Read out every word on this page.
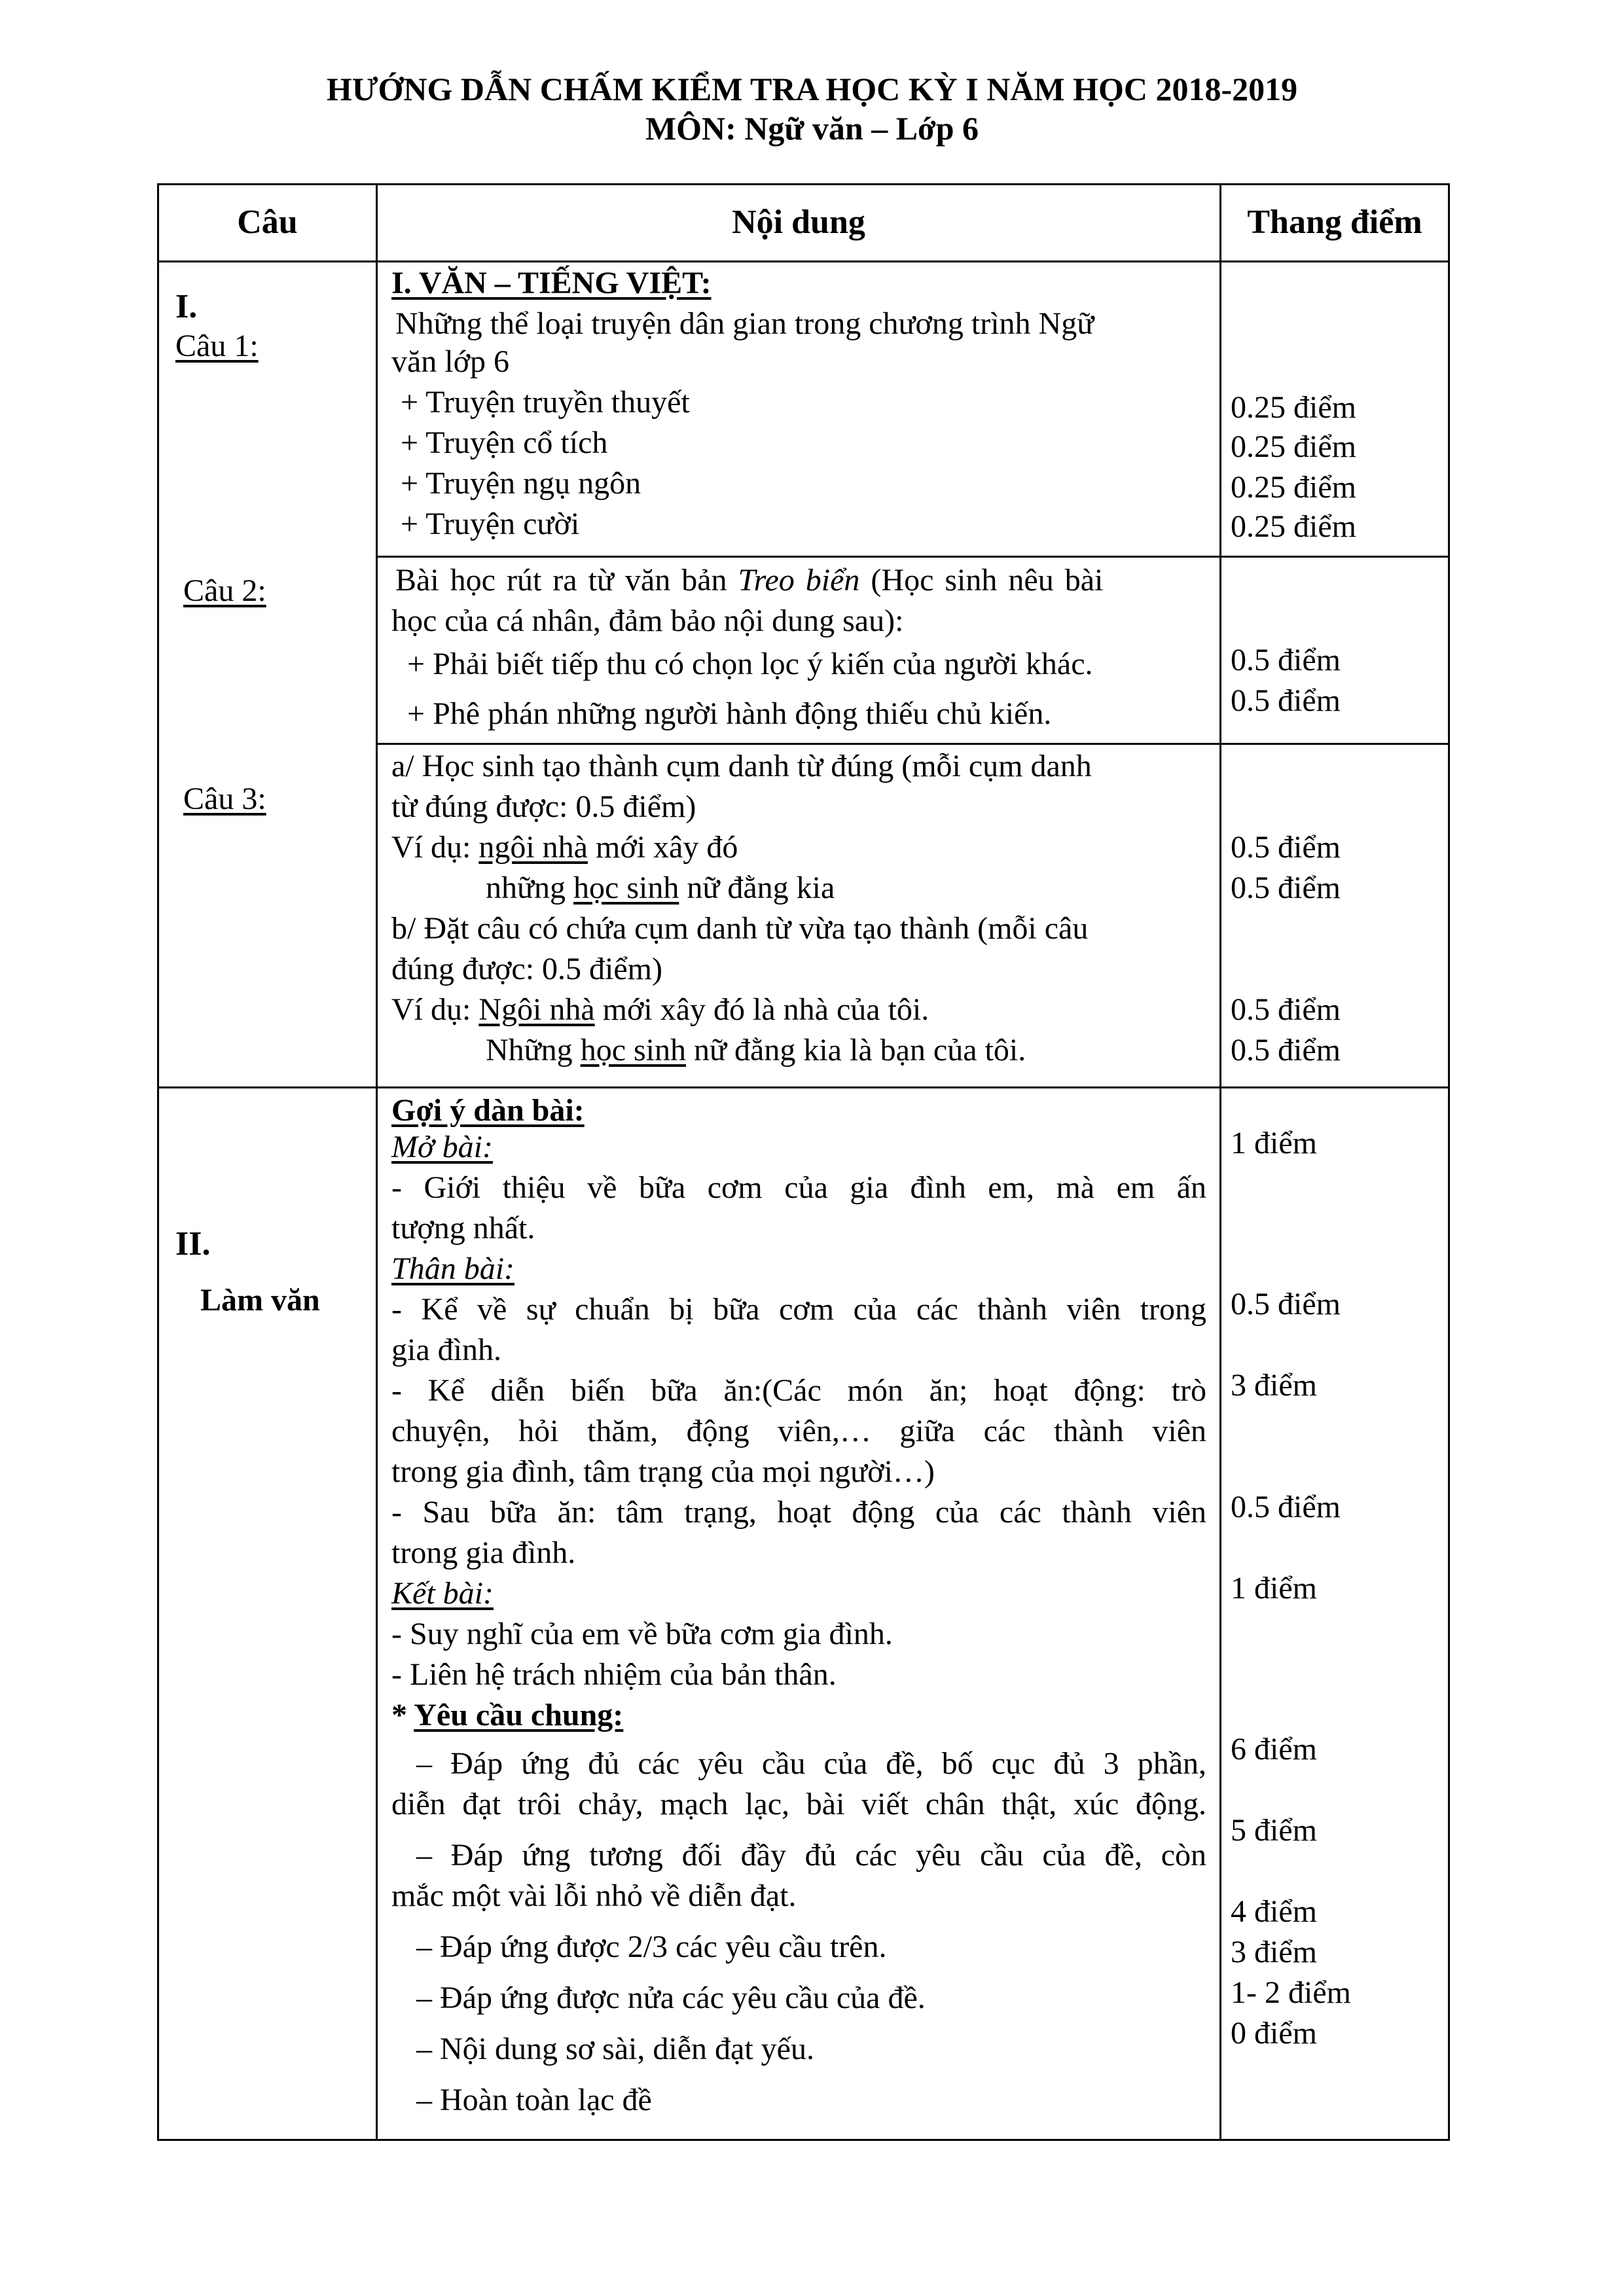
HƯỚNG DẪN CHẤM KIỂM TRA HỌC KỲ I NĂM HỌC 2018-2019
MÔN: Ngữ văn – Lớp 6
Câu	Nội dung	Thang điểm
I.
Câu 1:
Câu 2:
Câu 3:
I. VĂN – TIẾNG VIỆT:
Những thể loại truyện dân gian trong chương trình Ngữ
văn lớp 6
+ Truyện truyền thuyết
+ Truyện cổ tích
+ Truyện ngụ ngôn
+ Truyện cười
0.25 điểm
0.25 điểm
0.25 điểm
0.25 điểm
Bài học rút ra từ văn bản Treo biển (Học sinh nêu bài
học của cá nhân, đảm bảo nội dung sau):
+ Phải biết tiếp thu có chọn lọc ý kiến của người khác.
+ Phê phán những người hành động thiếu chủ kiến.
0.5 điểm
0.5 điểm
a/ Học sinh tạo thành cụm danh từ đúng (mỗi cụm danh
từ đúng được: 0.5 điểm)
Ví dụ: ngôi nhà mới xây đó
những học sinh nữ đằng kia
b/ Đặt câu có chứa cụm danh từ vừa tạo thành (mỗi câu
đúng được: 0.5 điểm)
Ví dụ: Ngôi nhà mới xây đó là nhà của tôi.
Những học sinh nữ đằng kia là bạn của tôi.
0.5 điểm
0.5 điểm
0.5 điểm
0.5 điểm
II.
Làm văn
Gợi ý dàn bài:
Mở bài:
- Giới thiệu về bữa cơm của gia đình em, mà em ấn
tượng nhất.
Thân bài:
- Kể về sự chuẩn bị bữa cơm của các thành viên trong
gia đình.
- Kể diễn biến bữa ăn:(Các món ăn; hoạt động: trò
chuyện, hỏi thăm, động viên,… giữa các thành viên
trong gia đình, tâm trạng của mọi người…)
- Sau bữa ăn: tâm trạng, hoạt động của các thành viên
trong gia đình.
Kết bài:
- Suy nghĩ của em về bữa cơm gia đình.
- Liên hệ trách nhiệm của bản thân.
* Yêu cầu chung:
– Đáp ứng đủ các yêu cầu của đề, bố cục đủ 3 phần,
diễn đạt trôi chảy, mạch lạc, bài viết chân thật, xúc động.
– Đáp ứng tương đối đầy đủ các yêu cầu của đề, còn
mắc một vài lỗi nhỏ về diễn đạt.
– Đáp ứng được 2/3 các yêu cầu trên.
– Đáp ứng được nửa các yêu cầu của đề.
– Nội dung sơ sài, diễn đạt yếu.
– Hoàn toàn lạc đề
1 điểm
0.5 điểm
3 điểm
0.5 điểm
1 điểm
6 điểm
5 điểm
4 điểm
3 điểm
1- 2 điểm
0 điểm
